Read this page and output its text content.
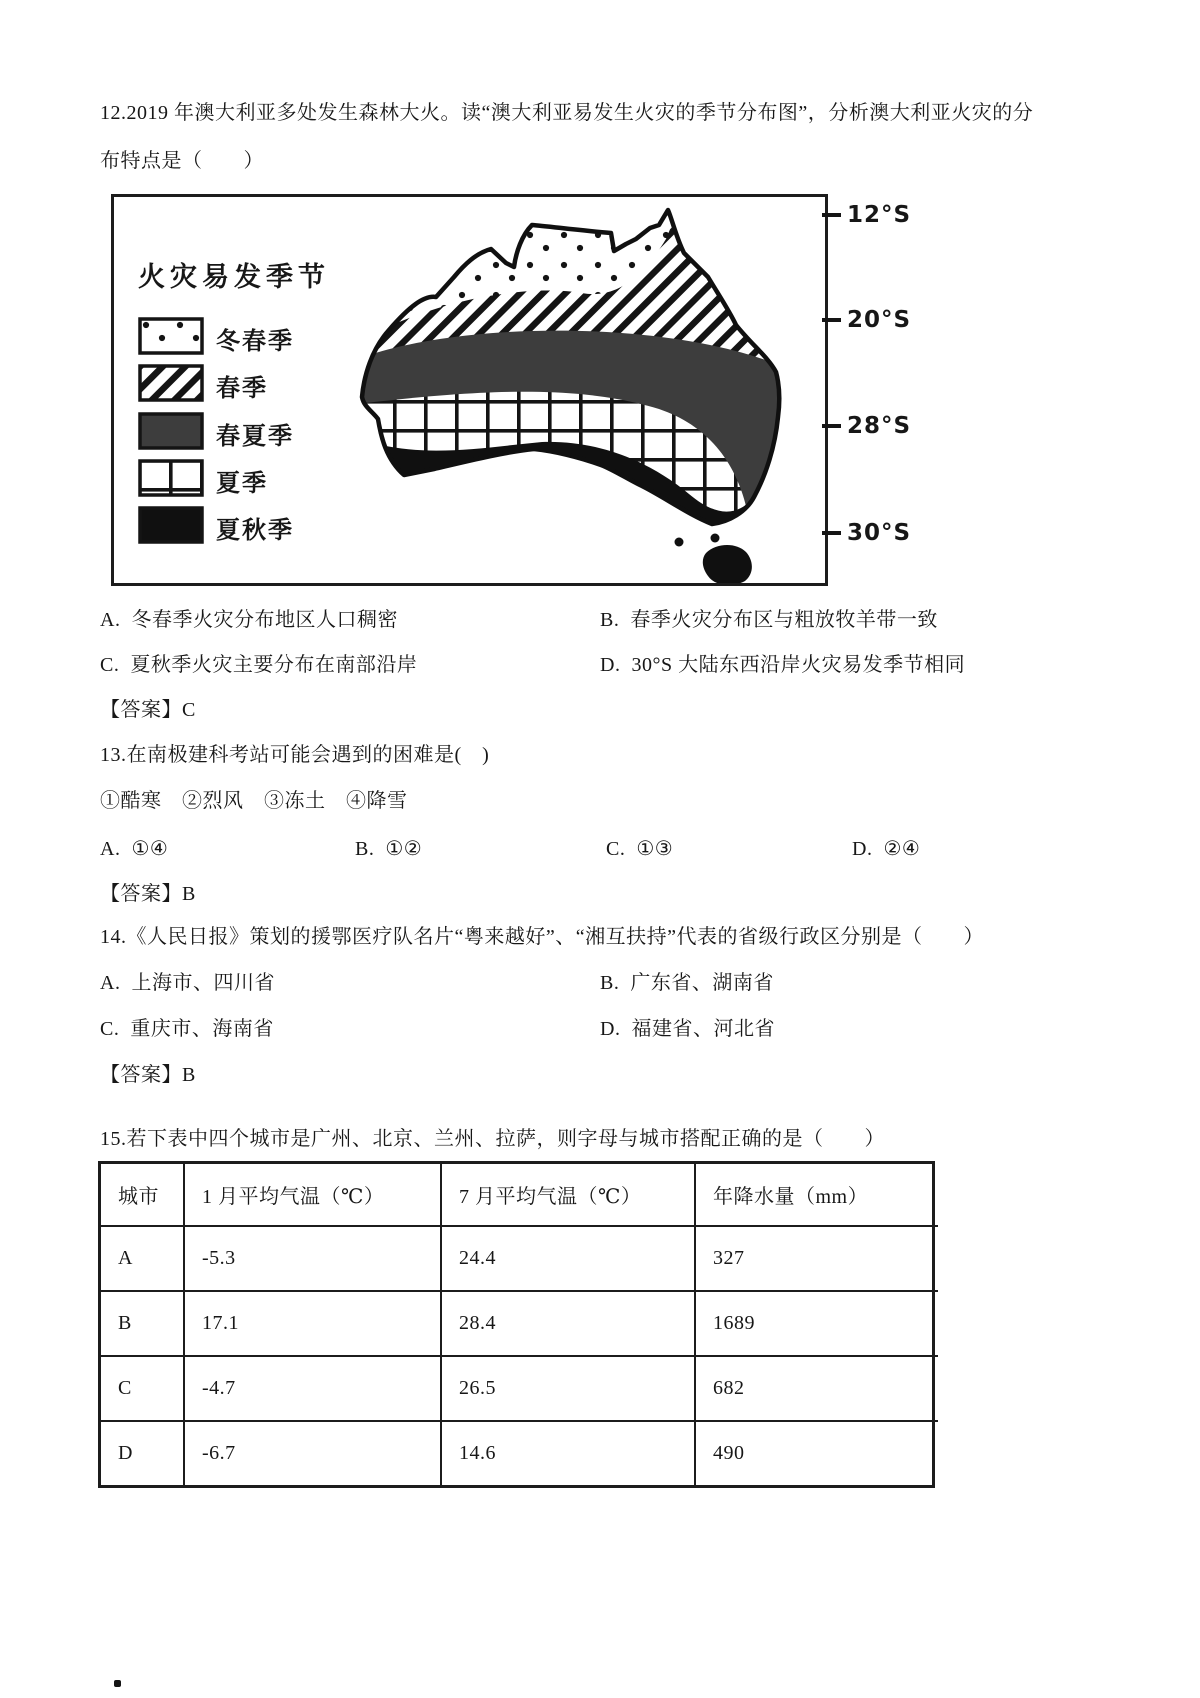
12.2019 年澳大利亚多处发生森林大火。读“澳大利亚易发生火灾的季节分布图”，分析澳大利亚火灾的分
布特点是（　　）
火灾易发季节
冬春季
春季
春夏季
夏季
夏秋季
12°S
20°S
28°S
30°S
A.  冬春季火灾分布地区人口稠密	B.  春季火灾分布区与粗放牧羊带一致
C.  夏秋季火灾主要分布在南部沿岸	D.  30°S 大陆东西沿岸火灾易发季节相同
【答案】C
13.在南极建科考站可能会遇到的困难是(　)
①酷寒　②烈风　③冻土　④降雪
A.  ①④	B.  ①②	C.  ①③	D.  ②④
【答案】B
14.《人民日报》策划的援鄂医疗队名片“粤来越好”、“湘互扶持”代表的省级行政区分别是（　　）
A.  上海市、四川省	B.  广东省、湖南省
C.  重庆市、海南省	D.  福建省、河北省
【答案】B
15.若下表中四个城市是广州、北京、兰州、拉萨，则字母与城市搭配正确的是（　　）
城市	1 月平均气温（℃）	7 月平均气温（℃）	年降水量（mm）
A	-5.3	24.4	327
B	17.1	28.4	1689
C	-4.7	26.5	682
D	-6.7	14.6	490
